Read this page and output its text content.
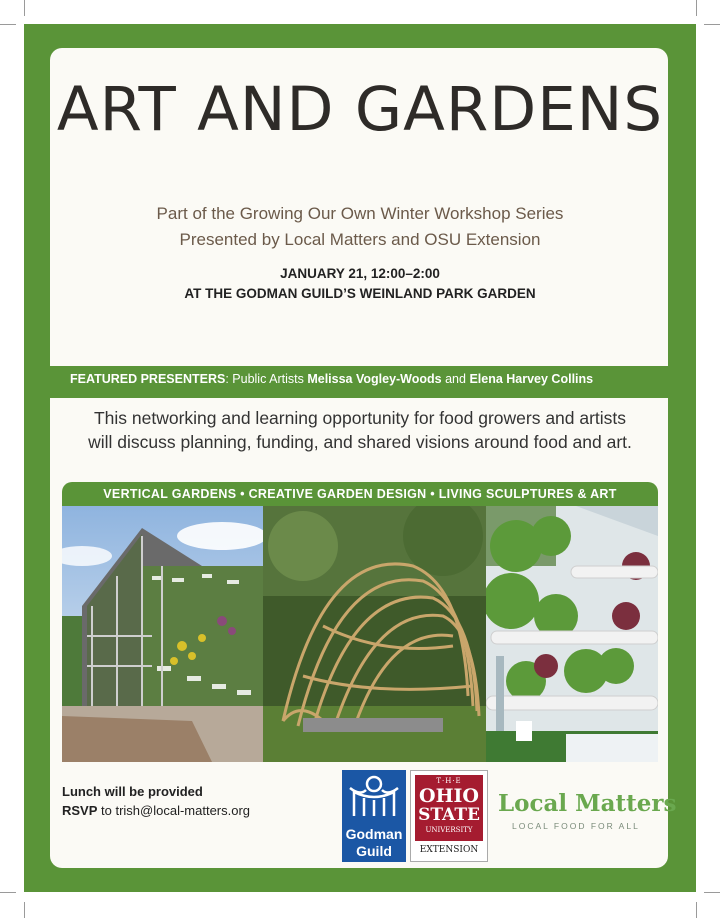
ART AND GARDENS
Part of the Growing Our Own Winter Workshop Series
Presented by Local Matters and OSU Extension
JANUARY 21, 12:00–2:00
AT THE GODMAN GUILD’S WEINLAND PARK GARDEN
FEATURED PRESENTERS: Public Artists Melissa Vogley-Woods and Elena Harvey Collins
This networking and learning opportunity for food growers and artists
will discuss planning, funding, and shared visions around food and art.
VERTICAL GARDENS • CREATIVE GARDEN DESIGN • LIVING SCULPTURES & ART
Lunch will be provided
RSVP to trish@local-matters.org
Godman
Guild
T·H·E
OHIO
STATE
UNIVERSITY
EXTENSION
Local Matters
LOCAL FOOD FOR ALL
